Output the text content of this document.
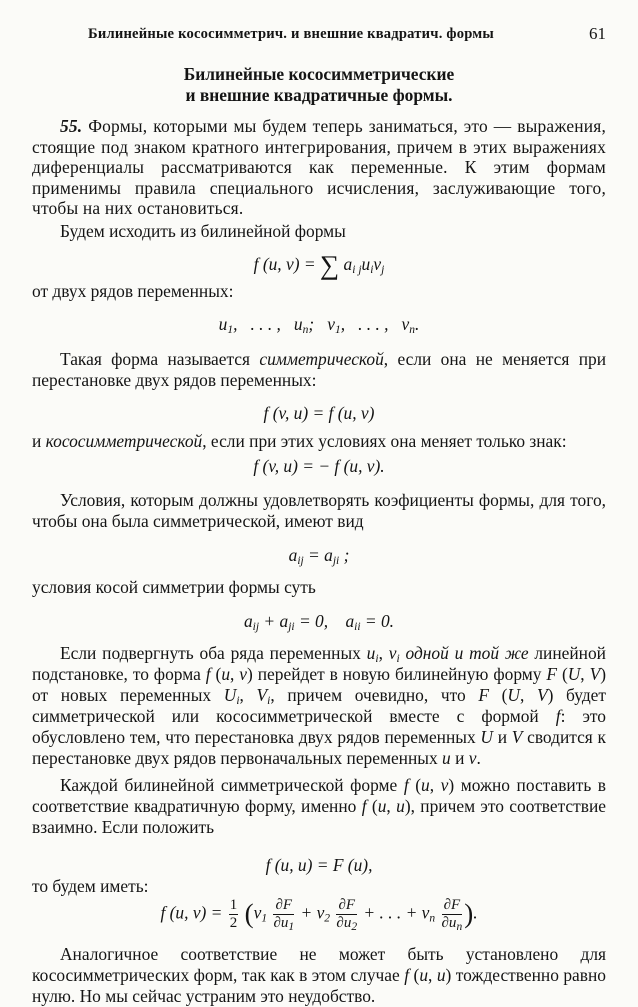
Билинейные кососимметрич. и внешние квадратич. формы	61
Билинейные кососимметрические
и внешние квадратичные формы.

55. Формы, которыми мы будем теперь заниматься, это — выражения, стоящие под знаком кратного интегрирования, причем в этих выражениях диференциалы рассматриваются как переменные. К этим формам применимы правила специального исчисления, заслуживающие того, чтобы на них остановиться.

Будем исходить из билинейной формы

f (u, v) = ∑ $a_{i j}u_iv_j$

от двух рядов переменных:

$u_1$,   . . . ,   $u_n$;   $v_1$,   . . . ,   $v_n$.

Такая форма называется симметрической, если она не меняется при перестановке двух рядов переменных:

f (v, u) = f (u, v)

и кососимметрической, если при этих условиях она меняет только знак:

f (v, u) = − f (u, v).

Условия, которым должны удовлетворять коэфициенты формы, для того, чтобы она была симметрической, имеют вид

$a_{ij} = a_{ji}$ ;

условия косой симметрии формы суть

$a_{ij} + a_{ji} = 0$,    $a_{ii} = 0$.

Если подвергнуть оба ряда переменных $u_i$, $v_i$ одной и той же линейной подстановке, то форма f (u, v) перейдет в новую билинейную форму F (U, V) от новых переменных $U_i$, $V_i$, причем очевидно, что F (U, V) будет симметрической или кососимметрической вместе с формой f: это обусловлено тем, что перестановка двух рядов переменных U и V сводится к перестановке двух рядов первоначальных переменных u и v.

Каждой билинейной симметрической форме f (u, v) можно поставить в соответствие квадратичную форму, именно f (u, u), причем это соответствие взаимно. Если положить

f (u, u) = F (u),

то будем иметь:

f (u, $v) = \frac{1}{2} (v_1 \frac{\partial F}{\partial u_1} + v_2 \frac{\partial F}{\partial u_2}$ + . . . + $v_n \frac{\partial F}{\partial u_n}$ ).

Аналогичное соответствие не может быть установлено для кососимметрических форм, так как в этом случае f (u, u) тождественно равно нулю. Но мы сейчас устраним это неудобство.
